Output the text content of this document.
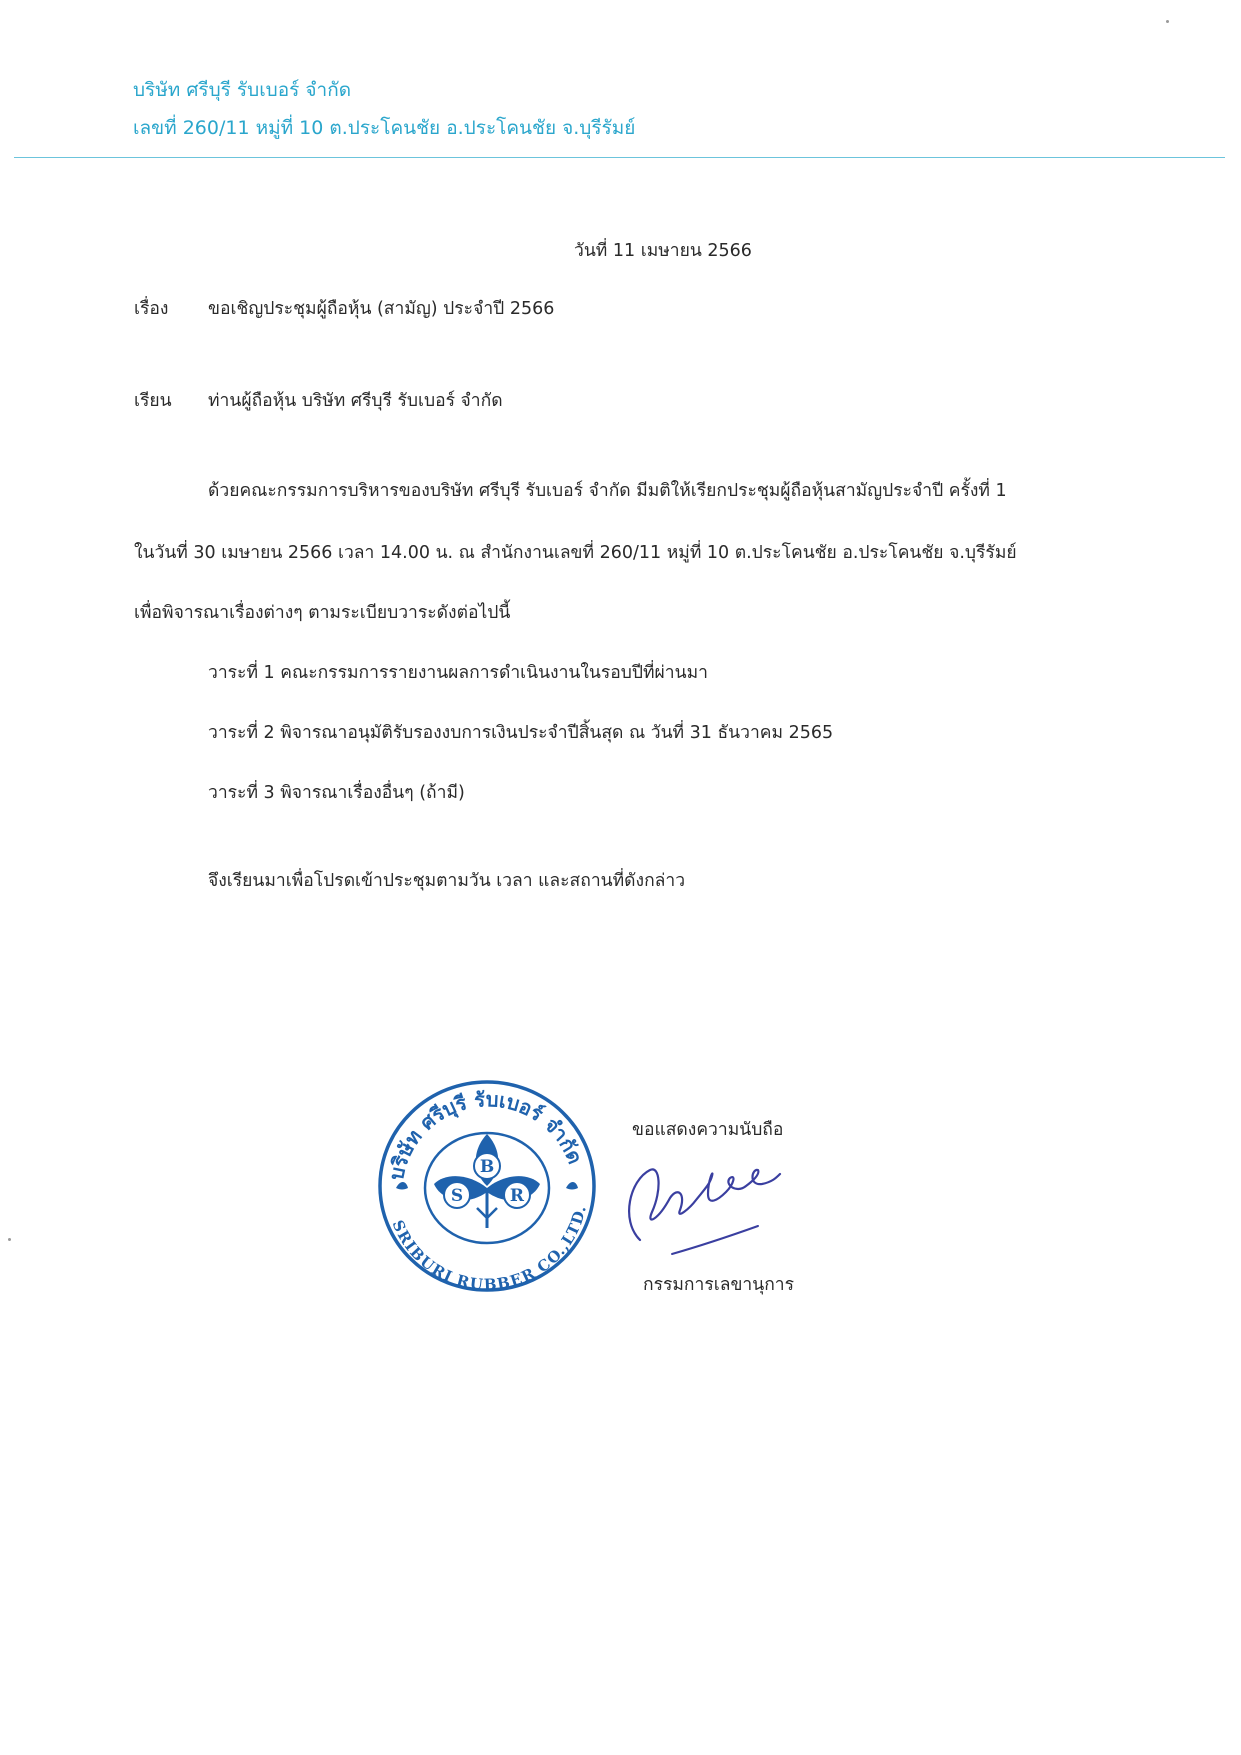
บริษัท ศรีบุรี รับเบอร์ จำกัด
เลขที่ 260/11 หมู่ที่ 10 ต.ประโคนชัย อ.ประโคนชัย จ.บุรีรัมย์
วันที่ 11 เมษายน 2566
เรื่อง ขอเชิญประชุมผู้ถือหุ้น (สามัญ) ประจำปี 2566
เรียน ท่านผู้ถือหุ้น บริษัท ศรีบุรี รับเบอร์ จำกัด
ด้วยคณะกรรมการบริหารของบริษัท ศรีบุรี รับเบอร์ จำกัด มีมติให้เรียกประชุมผู้ถือหุ้นสามัญประจำปี ครั้งที่ 1
ในวันที่ 30 เมษายน 2566 เวลา 14.00 น. ณ สำนักงานเลขที่ 260/11 หมู่ที่ 10 ต.ประโคนชัย อ.ประโคนชัย จ.บุรีรัมย์
เพื่อพิจารณาเรื่องต่างๆ ตามระเบียบวาระดังต่อไปนี้
วาระที่ 1 คณะกรรมการรายงานผลการดำเนินงานในรอบปีที่ผ่านมา
วาระที่ 2 พิจารณาอนุมัติรับรองงบการเงินประจำปีสิ้นสุด ณ วันที่ 31 ธันวาคม 2565
วาระที่ 3 พิจารณาเรื่องอื่นๆ (ถ้ามี)
จึงเรียนมาเพื่อโปรดเข้าประชุมตามวัน เวลา และสถานที่ดังกล่าว
ขอแสดงความนับถือ
บริษัท ศรีบุรี รับเบอร์ จำกัด
SRIBURI RUBBER CO.,LTD.
S
B
R
กรรมการเลขานุการ
